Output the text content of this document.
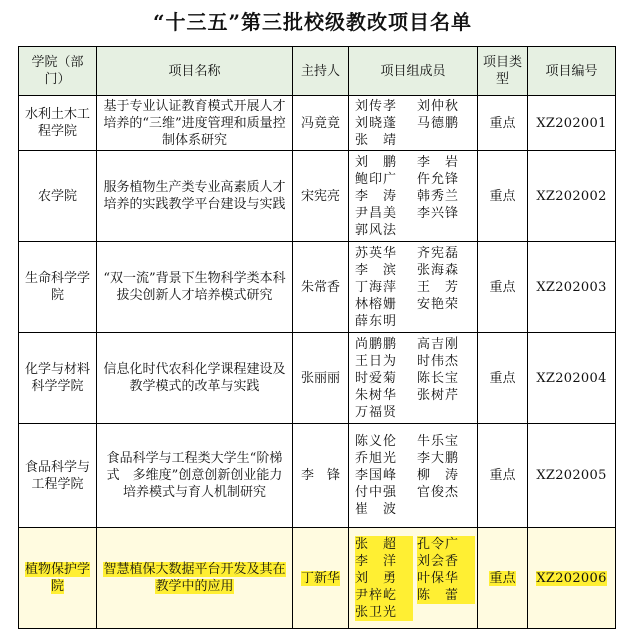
“十三五”第三批校级教改项目名单
学院（部门）	项目名称	主持人	项目组成员	项目类型	项目编号
水利土木工程学院	基于专业认证教育模式开展人才培养的“三维”进度管理和质量控制体系研究	冯竟竟	刘传孝 刘仲秋
刘晓蓬 马德鹏
张　靖	重点	XZ202001
农学院	服务植物生产类专业高素质人才培养的实践教学平台建设与实践	宋宪亮	刘　鹏 李　岩
鲍印广 仵允锋
李　涛 韩秀兰
尹昌美 李兴锋
郭风法	重点	XZ202002
生命科学学院	“双一流”背景下生物科学类本科拔尖创新人才培养模式研究	朱常香	苏英华 齐宪磊
李　滨 张海森
丁海萍 王　芳
林榕姗 安艳荣
薛东明	重点	XZ202003
化学与材料科学学院	信息化时代农科化学课程建设及教学模式的改革与实践	张丽丽	尚鹏鹏 高吉刚
王日为 时伟杰
时爱菊 陈长宝
朱树华 张树芹
万福贤	重点	XZ202004
食品科学与工程学院	食品科学与工程类大学生“阶梯式　多维度”创意创新创业能力培养模式与育人机制研究	李　锋	陈义伦 牛乐宝
乔旭光 李大鹏
李国峰 柳　涛
付中强 官俊杰
崔　波	重点	XZ202005
植物保护学院	智慧植保大数据平台开发及其在教学中的应用	丁新华	张　超 孔令广
李　洋 刘会香
刘　勇 叶保华
尹梓屹 陈　蕾
张卫光	重点	XZ202006
